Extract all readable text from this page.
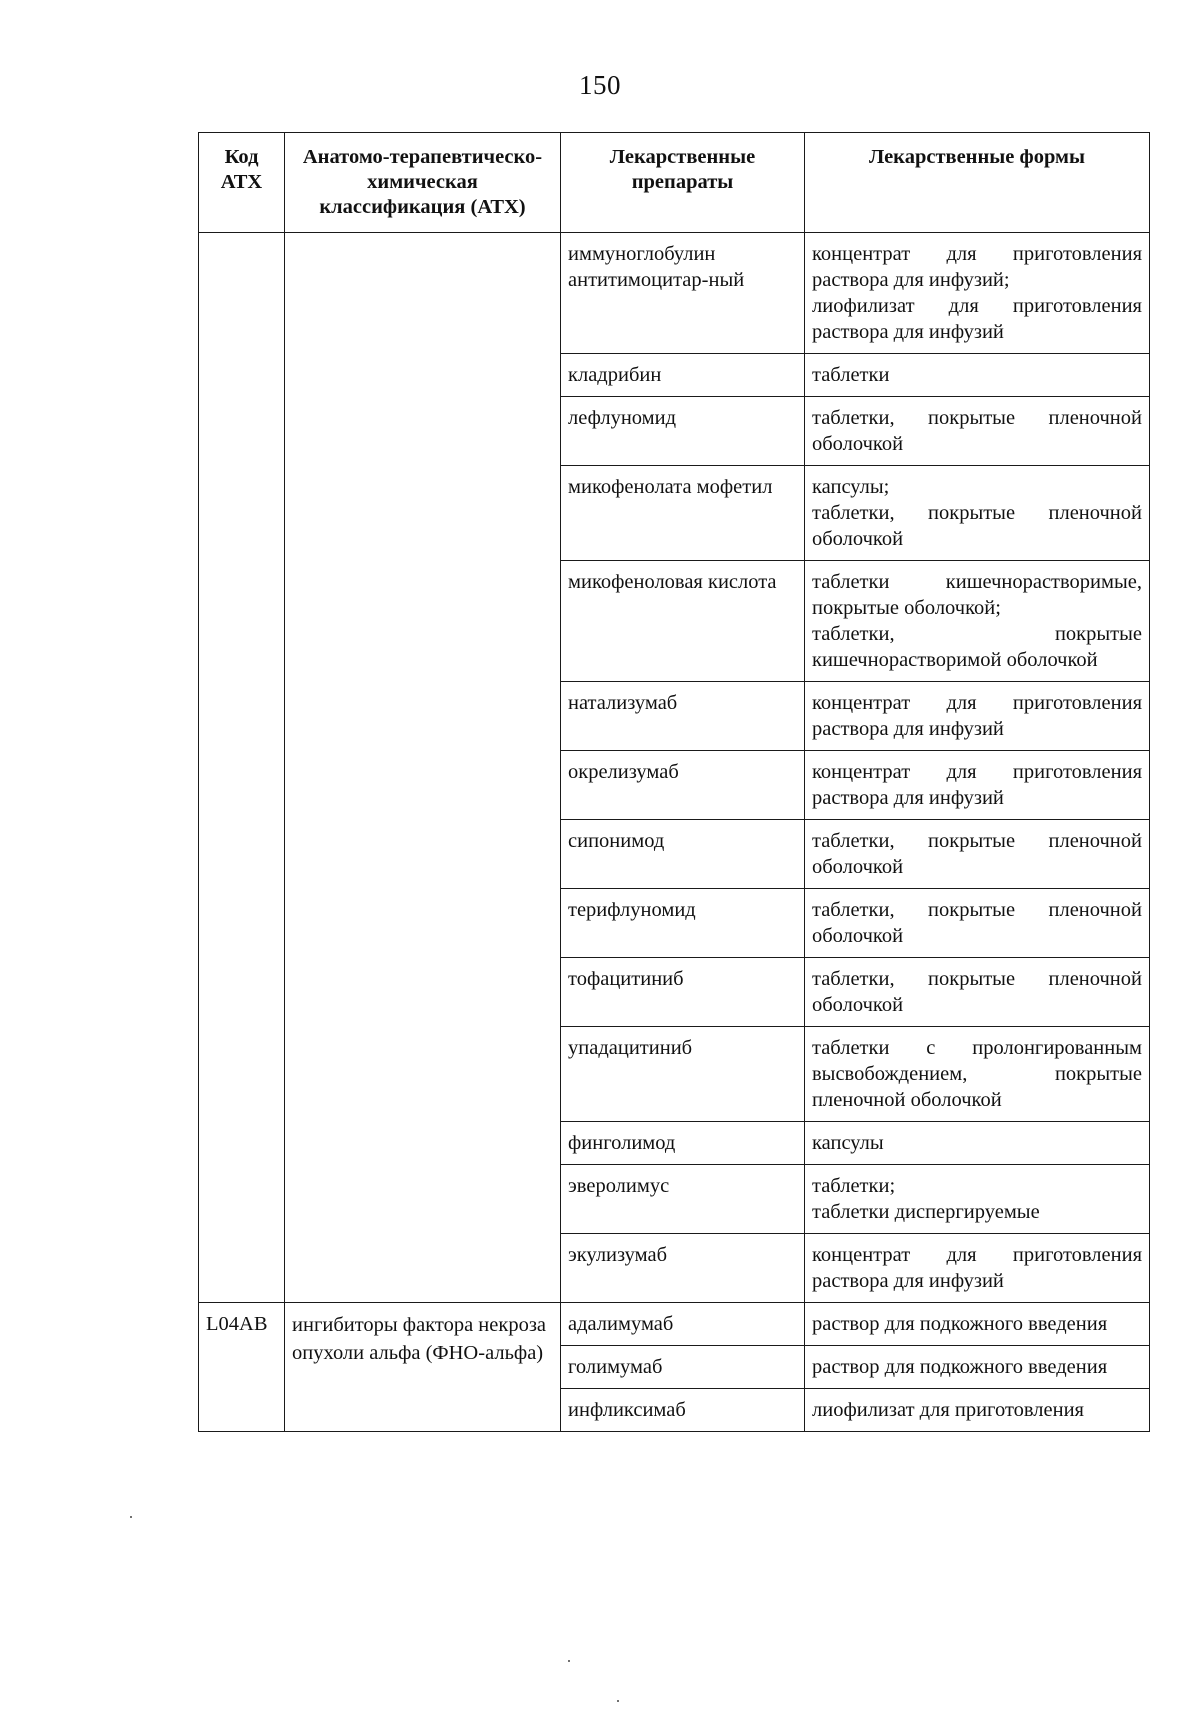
150
Код АТХ	Анатомо-терапевтическо-химическая классификация (АТХ)	Лекарственные препараты	Лекарственные формы
		иммуноглобулин антитимоцитар-ный	концентрат для приготовления раствора для инфузий;
лиофилизат для приготовления раствора для инфузий

		кладрибин	таблетки

		лефлуномид	таблетки, покрытые пленочной оболочкой

		микофенолата мофетил	капсулы;
таблетки, покрытые пленочной оболочкой

		микофеноловая кислота	таблетки кишечнорастворимые, покрытые оболочкой;
таблетки, покрытые кишечнорастворимой оболочкой

		натализумаб	концентрат для приготовления раствора для инфузий

		окрелизумаб	концентрат для приготовления раствора для инфузий

		сипонимод	таблетки, покрытые пленочной оболочкой

		терифлуномид	таблетки, покрытые пленочной оболочкой

		тофацитиниб	таблетки, покрытые пленочной оболочкой

		упадацитиниб	таблетки с пролонгированным высвобождением, покрытые пленочной оболочкой

		финголимод	капсулы

		эверолимус	таблетки;
таблетки диспергируемые

		экулизумаб	концентрат для приготовления раствора для инфузий

L04AB	ингибиторы фактора некроза опухоли альфа (ФНО-альфа)	адалимумаб	раствор для подкожного введения

		голимумаб	раствор для подкожного введения

		инфликсимаб	лиофилизат для приготовления
